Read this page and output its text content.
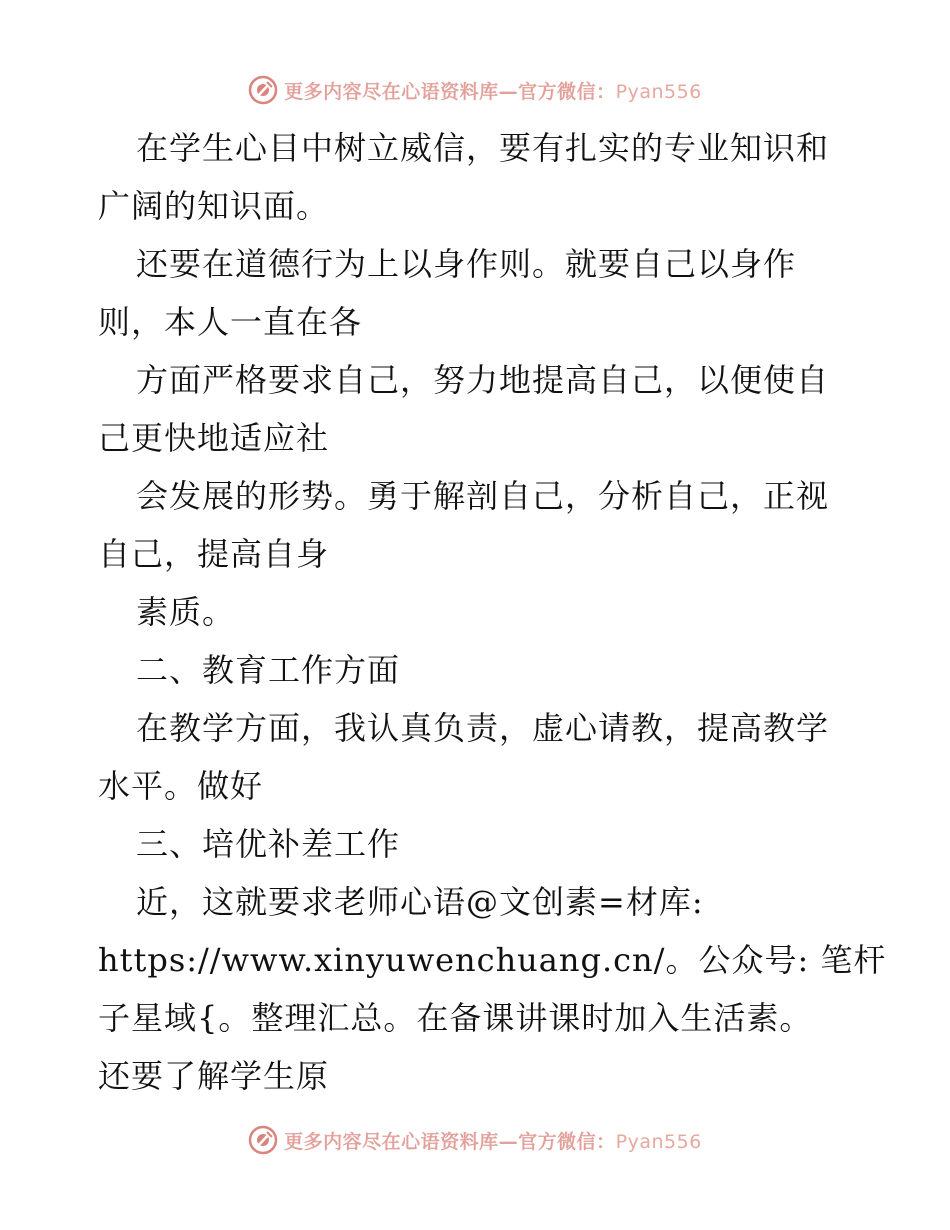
更多内容尽在心语资料库—官方微信：Pyan556
在学生心目中树立威信，要有扎实的专业知识和
广阔的知识面。
还要在道德行为上以身作则。就要自己以身作
则，本人一直在各
方面严格要求自己，努力地提高自己，以便使自
己更快地适应社
会发展的形势。勇于解剖自己，分析自己，正视
自己，提高自身
素质。
二、教育工作方面
在教学方面，我认真负责，虚心请教，提高教学
水平。做好
三、培优补差工作
近，这就要求老师心语@文创素=材库:
https://www.xinyuwenchuang.cn/。公众号: 笔杆
子星域{。整理汇总。在备课讲课时加入生活素。
还要了解学生原
更多内容尽在心语资料库—官方微信：Pyan556
